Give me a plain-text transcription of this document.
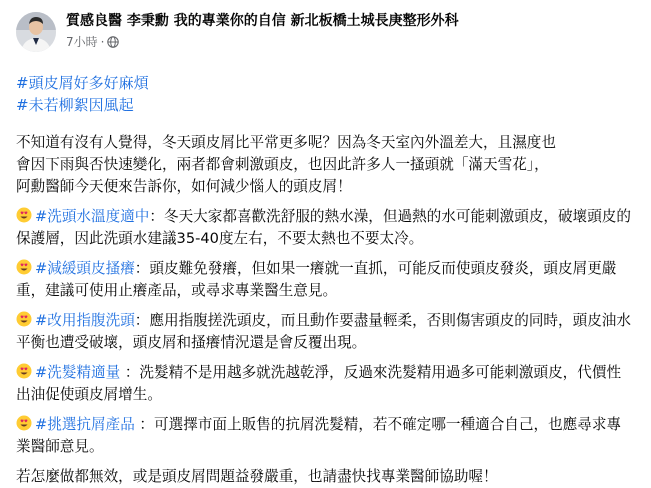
質感良醫 李秉勳 我的專業你的自信 新北板橋土城長庚整形外科
7小時 ·
#頭皮屑好多好麻煩
#未若柳絮因風起
不知道有沒有人覺得，冬天頭皮屑比平常更多呢？因為冬天室內外溫差大，且濕度也
會因下雨與否快速變化，兩者都會刺激頭皮，也因此許多人一搔頭就「滿天雪花」，
阿勳醫師今天便來告訴你，如何減少惱人的頭皮屑！
#洗頭水溫度適中：冬天大家都喜歡洗舒服的熱水澡，但過熱的水可能刺激頭皮，破壞頭皮的保護層，因此洗頭水建議35-40度左右，不要太熱也不要太冷。
#減緩頭皮搔癢：頭皮難免發癢，但如果一癢就一直抓，可能反而使頭皮發炎，頭皮屑更嚴重，建議可使用止癢產品，或尋求專業醫生意見。
#改用指腹洗頭：應用指腹搓洗頭皮，而且動作要盡量輕柔，否則傷害頭皮的同時，頭皮油水平衡也遭受破壞，頭皮屑和搔癢情況還是會反覆出現。
#洗髮精適量 ：洗髮精不是用越多就洗越乾淨，反過來洗髮精用過多可能刺激頭皮，代價性出油促使頭皮屑增生。
#挑選抗屑產品 ：可選擇市面上販售的抗屑洗髮精，若不確定哪一種適合自己，也應尋求專業醫師意見。
若怎麼做都無效，或是頭皮屑問題益發嚴重，也請盡快找專業醫師協助喔！
